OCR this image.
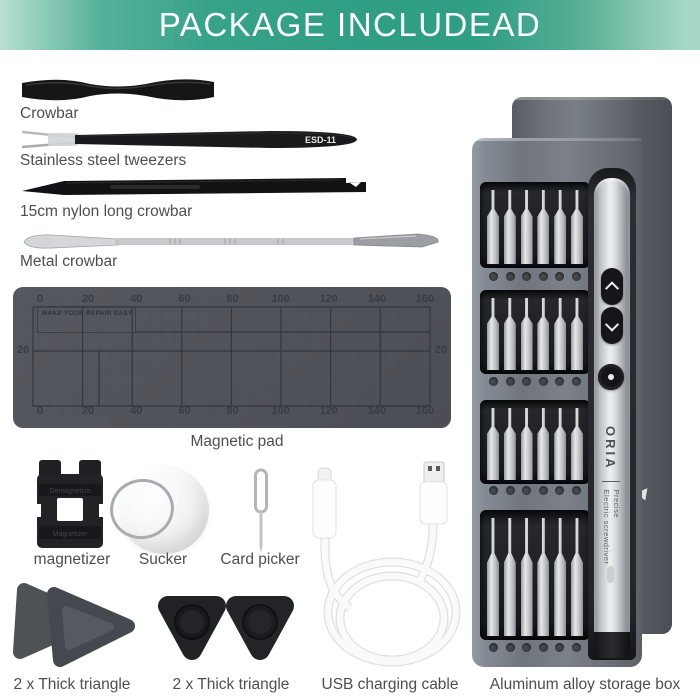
PACKAGE INCLUDEAD
Crowbar
ESD-11
Stainless steel tweezers
15cm nylon long crowbar
Metal crowbar
0	20	40	60	80	100	120	140	160
0	20	40	60	80	100	120	140	160
20	20
MAKE YOUR REPAIR EASY
Magnetic pad
Demagnetize
Magnetizer
magnetizer	Sucker	Card picker
USB charging cable
2 x Thick triangle	2 x Thick triangle
ORIA
Precise
Electric screwdriver
Aluminum alloy storage box
